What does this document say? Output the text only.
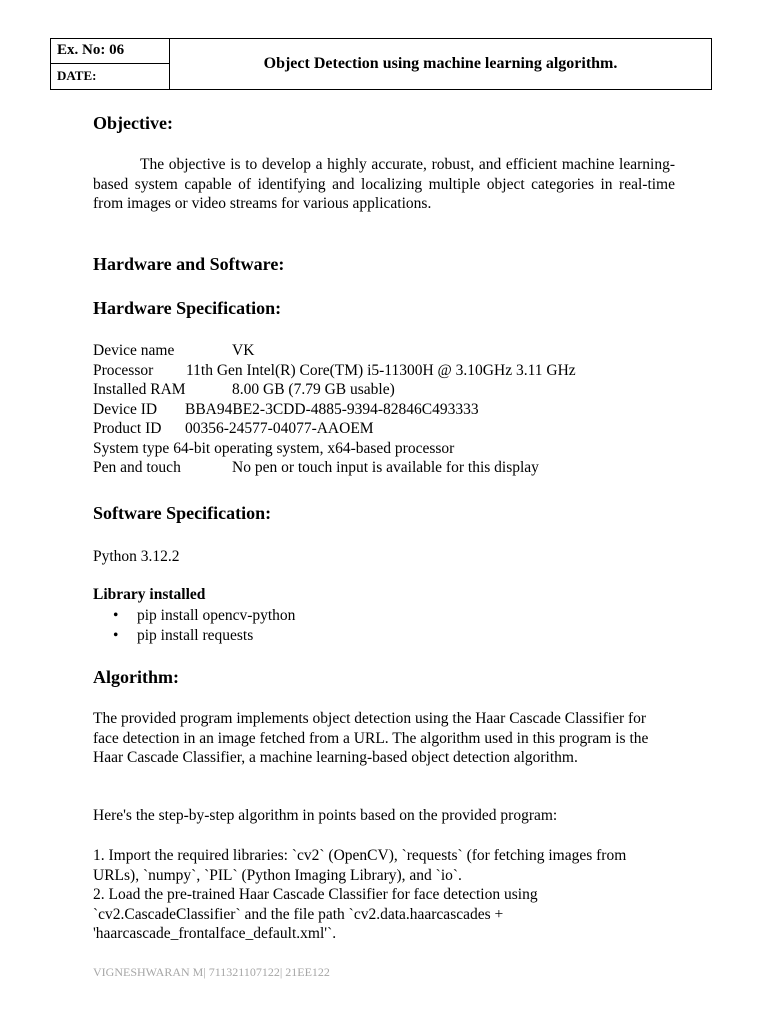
Ex. No: 06
DATE:
Object Detection using machine learning algorithm.
Objective:

The objective is to develop a highly accurate, robust, and efficient machine learning-based system capable of identifying and localizing multiple object categories in real-time from images or video streams for various applications.

Hardware and Software:
Hardware Specification:
Device name	VK
Processor 11th Gen Intel(R) Core(TM) i5-11300H @ 3.10GHz 3.11 GHz
Installed RAM	8.00 GB (7.79 GB usable)
Device ID BBA94BE2-3CDD-4885-9394-82846C493333
Product ID 00356-24577-04077-AAOEM
System type 64-bit operating system, x64-based processor
Pen and touch	No pen or touch input is available for this display
Software Specification:

Python 3.12.2

Library installed
• pip install opencv-python
• pip install requests
Algorithm:

The provided program implements object detection using the Haar Cascade Classifier for face detection in an image fetched from a URL. The algorithm used in this program is the Haar Cascade Classifier, a machine learning-based object detection algorithm.

Here's the step-by-step algorithm in points based on the provided program:

1. Import the required libraries: `cv2` (OpenCV), `requests` (for fetching images from URLs), `numpy`, `PIL` (Python Imaging Library), and `io`.

2. Load the pre-trained Haar Cascade Classifier for face detection using `cv2.CascadeClassifier` and the file path `cv2.data.haarcascades + 'haarcascade_frontalface_default.xml'`.

VIGNESHWARAN M| 711321107122| 21EE122
